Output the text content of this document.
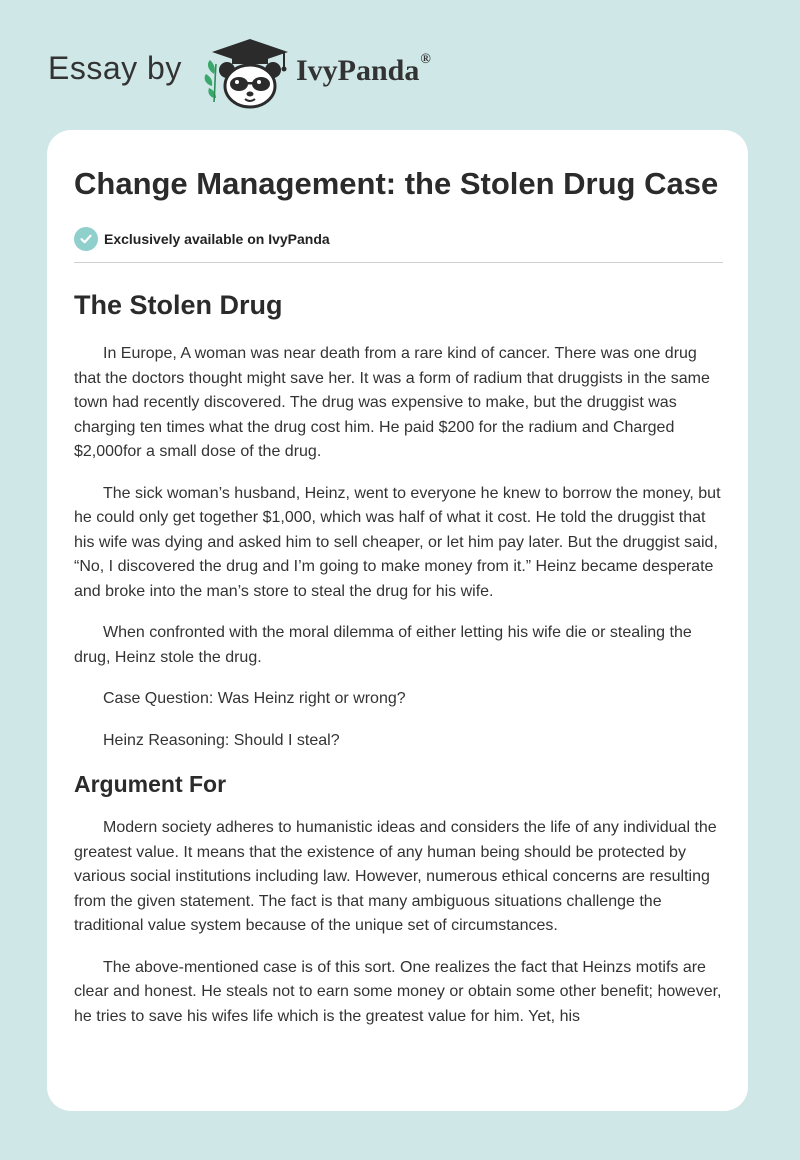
Essay by	IvyPanda®
Change Management: the Stolen Drug Case
Exclusively available on IvyPanda
The Stolen Drug

In Europe, A woman was near death from a rare kind of cancer. There was one drug that the doctors thought might save her. It was a form of radium that druggists in the same town had recently discovered. The drug was expensive to make, but the druggist was charging ten times what the drug cost him. He paid $200 for the radium and Charged $2,000for a small dose of the drug.

The sick woman’s husband, Heinz, went to everyone he knew to borrow the money, but he could only get together $1,000, which was half of what it cost. He told the druggist that his wife was dying and asked him to sell cheaper, or let him pay later. But the druggist said, “No, I discovered the drug and I’m going to make money from it.” Heinz became desperate and broke into the man’s store to steal the drug for his wife.

When confronted with the moral dilemma of either letting his wife die or stealing the drug, Heinz stole the drug.

Case Question: Was Heinz right or wrong?

Heinz Reasoning: Should I steal?

Argument For

Modern society adheres to humanistic ideas and considers the life of any individual the greatest value. It means that the existence of any human being should be protected by various social institutions including law. However, numerous ethical concerns are resulting from the given statement. The fact is that many ambiguous situations challenge the traditional value system because of the unique set of circumstances.

The above-mentioned case is of this sort. One realizes the fact that Heinzs motifs are clear and honest. He steals not to earn some money or obtain some other benefit; however, he tries to save his wifes life which is the greatest value for him. Yet, his
